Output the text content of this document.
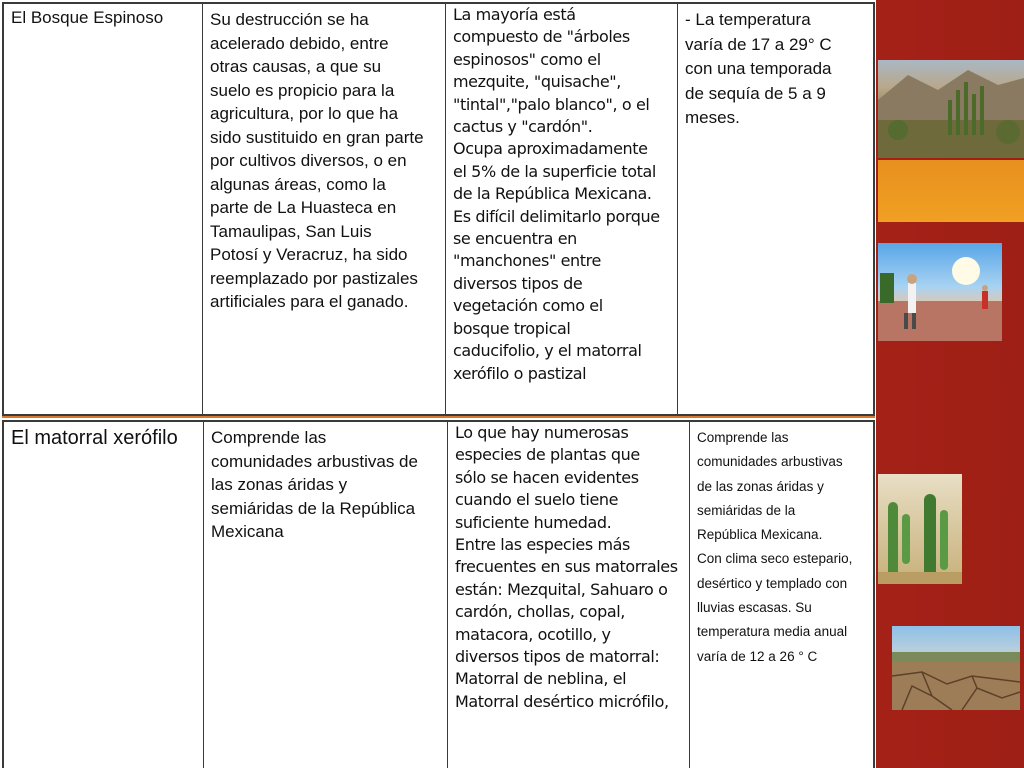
El Bosque Espinoso	Su destrucción se ha
acelerado debido, entre
otras causas, a que su
suelo es propicio para la
agricultura, por lo que ha
sido sustituido en gran parte
por cultivos diversos, o en
algunas áreas, como la
parte de La Huasteca en
Tamaulipas, San Luis
Potosí y Veracruz, ha sido
reemplazado por pastizales
artificiales para el ganado.
La mayoría está
compuesto de "árboles
espinosos" como el
mezquite, "quisache",
"tintal","palo blanco", o el
cactus y "cardón".
Ocupa aproximadamente
el 5% de la superficie total
de la República Mexicana.
Es difícil delimitarlo porque
se encuentra en
"manchones" entre
diversos tipos de
vegetación como el
bosque tropical
caducifolio, y el matorral
xerófilo o pastizal
- La temperatura
varía de 17 a 29° C
con una temporada
de sequía de 5 a 9
meses.
El matorral xerófilo	Comprende las
comunidades arbustivas de
las zonas áridas y
semiáridas de la República
Mexicana
Lo que hay numerosas
especies de plantas que
sólo se hacen evidentes
cuando el suelo tiene
suficiente humedad.
Entre las especies más
frecuentes en sus matorrales
están: Mezquital, Sahuaro o
cardón, chollas, copal,
matacora, ocotillo, y
diversos tipos de matorral:
Matorral de neblina, el
Matorral desértico micrófilo,
Comprende las
comunidades arbustivas
de las zonas áridas y
semiáridas de la
República Mexicana.
Con clima seco estepario,
desértico y templado con
lluvias escasas. Su
temperatura media anual
varía de 12 a 26 ° C
